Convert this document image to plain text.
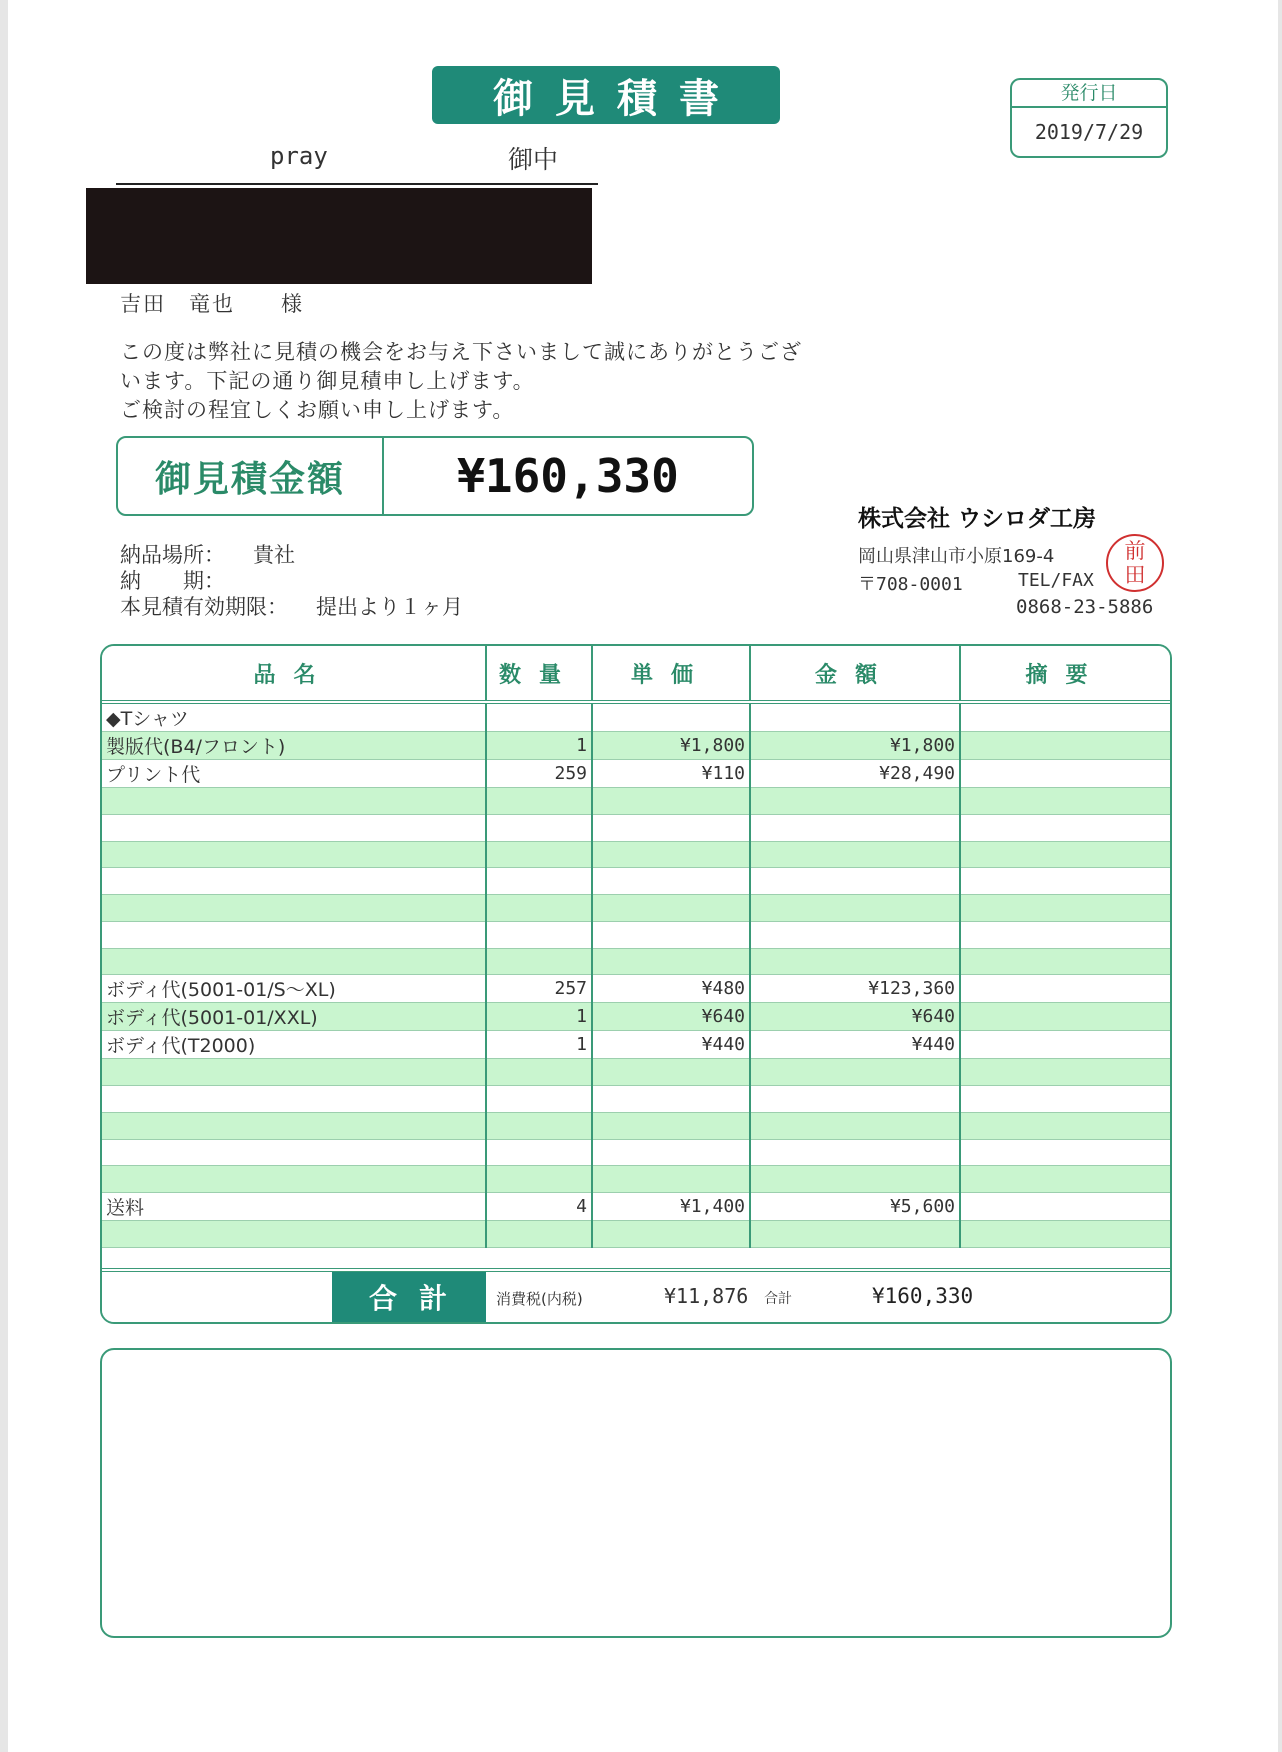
御見積書	発行日
2019/7/29
pray	御中
吉田　竜也　　様
この度は弊社に見積の機会をお与え下さいまして誠にありがとうござ
います。下記の通り御見積申し上げます。
ご検討の程宜しくお願い申し上げます。
御見積金額	¥160,330
株式会社 ウシロダ工房
岡山県津山市小原169-4
〒708-0001	TEL/FAX
0868-23-5886
前
田
納品場所： 貴社
納　　期：
本見積有効期限： 提出より１ヶ月
品名	数量	単価	金額	摘要
◆Tシャツ				
製版代(B4/フロント)	1	¥1,800	¥1,800	
プリント代	259	¥110	¥28,490	

ボディ代(5001-01/S〜XL)	257	¥480	¥123,360	
ボディ代(5001-01/XXL)	1	¥640	¥640	
ボディ代(T2000)	1	¥440	¥440	

送料	4	¥1,400	¥5,600	

合計	消費税(内税)	¥11,876 合計	¥160,330
